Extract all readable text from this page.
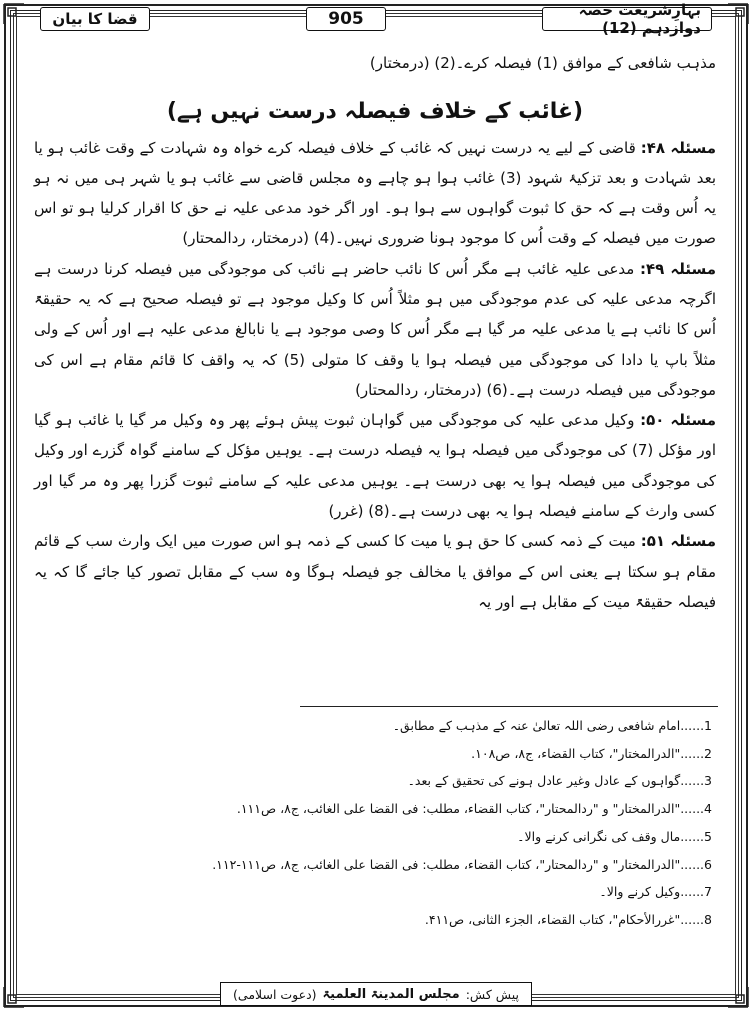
بہارِشریعت حصہ دوازدہم (12)
905
قضا کا بیان

مذہب شافعی کے موافق (1) فیصلہ کرے۔(2) (درمختار)

(غائب کے خلاف فیصلہ درست نہیں ہے)

مسئلہ ۴۸: قاضی کے لیے یہ درست نہیں کہ غائب کے خلاف فیصلہ کرے خواہ وہ شہادت کے وقت غائب ہو یا بعد شہادت و بعد تزکیۂ شہود (3) غائب ہوا ہو چاہے وہ مجلس قاضی سے غائب ہو یا شہر ہی میں نہ ہو یہ اُس وقت ہے کہ حق کا ثبوت گواہوں سے ہوا ہو۔ اور اگر خود مدعی علیہ نے حق کا اقرار کرلیا ہو تو اس صورت میں فیصلہ کے وقت اُس کا موجود ہونا ضروری نہیں۔(4) (درمختار، ردالمحتار)

مسئلہ ۴۹: مدعی علیہ غائب ہے مگر اُس کا نائب حاضر ہے نائب کی موجودگی میں فیصلہ کرنا درست ہے اگرچہ مدعی علیہ کی عدم موجودگی میں ہو مثلاً اُس کا وکیل موجود ہے تو فیصلہ صحیح ہے کہ یہ حقیقۃً اُس کا نائب ہے یا مدعی علیہ مر گیا ہے مگر اُس کا وصی موجود ہے یا نابالغ مدعی علیہ ہے اور اُس کے ولی مثلاً باپ یا دادا کی موجودگی میں فیصلہ ہوا یا وقف کا متولی (5) کہ یہ واقف کا قائم مقام ہے اس کی موجودگی میں فیصلہ درست ہے۔(6) (درمختار، ردالمحتار)

مسئلہ ۵۰: وکیل مدعی علیہ کی موجودگی میں گواہان ثبوت پیش ہوئے پھر وہ وکیل مر گیا یا غائب ہو گیا اور مؤکل (7) کی موجودگی میں فیصلہ ہوا یہ فیصلہ درست ہے۔ یوہیں مؤکل کے سامنے گواہ گزرے اور وکیل کی موجودگی میں فیصلہ ہوا یہ بھی درست ہے۔ یوہیں مدعی علیہ کے سامنے ثبوت گزرا پھر وہ مر گیا اور کسی وارث کے سامنے فیصلہ ہوا یہ بھی درست ہے۔(8) (غرر)

مسئلہ ۵۱: میت کے ذمہ کسی کا حق ہو یا میت کا کسی کے ذمہ ہو اس صورت میں ایک وارث سب کے قائم مقام ہو سکتا ہے یعنی اس کے موافق یا مخالف جو فیصلہ ہوگا وہ سب کے مقابل تصور کیا جائے گا کہ یہ فیصلہ حقیقۃً میت کے مقابل ہے اور یہ

1......امام شافعی رضی اللہ تعالیٰ عنہ کے مذہب کے مطابق۔

2......"الدرالمختار"، کتاب القضاء، ج۸، ص۱۰۸.

3......گواہوں کے عادل وغیر عادل ہونے کی تحقیق کے بعد۔

4......"الدرالمختار" و "ردالمحتار"، کتاب القضاء، مطلب: فی القضا علی الغائب، ج۸، ص۱۱۱.

5......مال وقف کی نگرانی کرنے والا۔

6......"الدرالمختار" و "ردالمحتار"، کتاب القضاء، مطلب: فی القضا علی الغائب، ج۸، ص۱۱۱-۱۱۲.

7......وکیل کرنے والا۔

8......"غررالأحکام"، کتاب القضاء، الجزء الثانی، ص۴۱۱.

پیش کش:
مجلس المدینۃ العلمیۃ
(دعوت اسلامی)
